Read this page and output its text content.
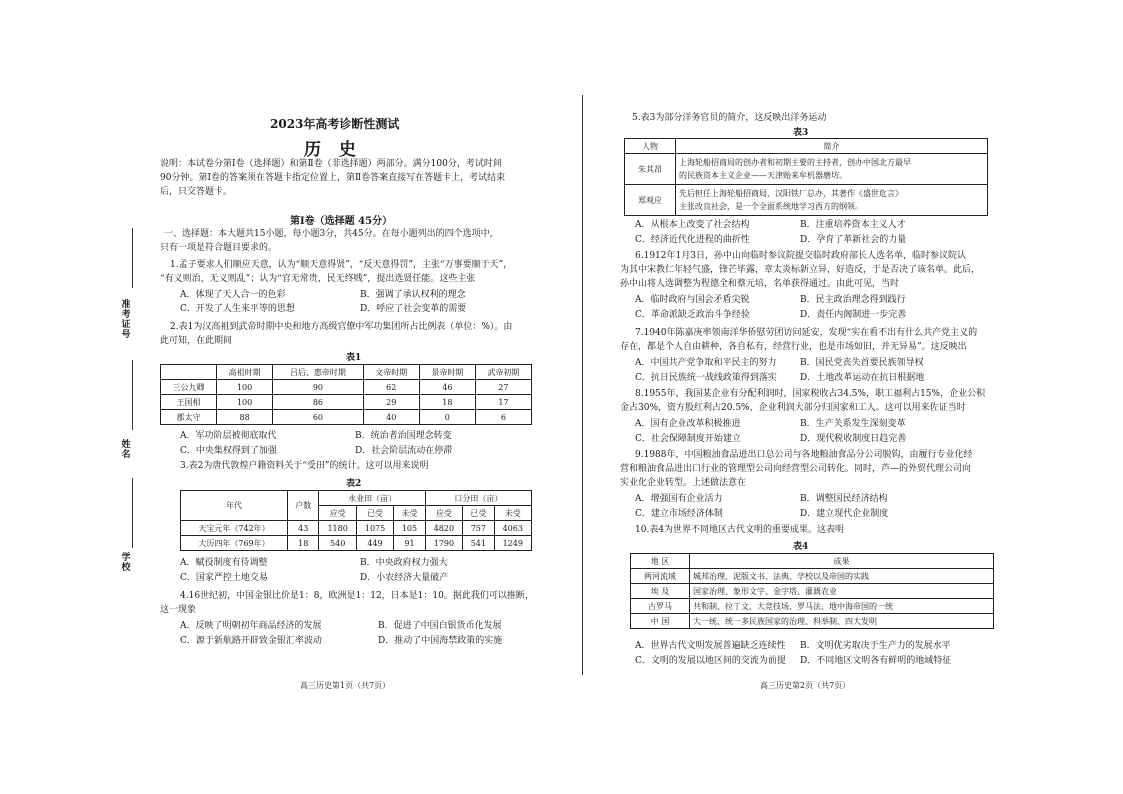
准考证号
姓名
学校
2023年高考诊断性测试
历 史
说明：本试卷分第Ⅰ卷（选择题）和第Ⅱ卷（非选择题）两部分。满分100分，考试时间
90分钟。第Ⅰ卷的答案须在答题卡指定位置上，第Ⅱ卷答案直接写在答题卡上，考试结束
后，只交答题卡。
第Ⅰ卷（选择题 45分）
一、选择题：本大题共15小题，每小题3分，共45分。在每小题列出的四个选项中，
只有一项是符合题目要求的。
1.孟子要求人们顺应天意，认为“顺天意得贤”，“反天意得罚”，主张“万事要顺于天”，
“有义则治，无义则乱”；认为“官无常贵，民无终贱”，提出选贤任能。这些主张
A．体现了天人合一的色彩	B．强调了承认权利的理念
C．开发了人生来平等的思想	D．呼应了社会变革的需要
2.表1为汉高祖到武帝时期中央和地方高级官僚中军功集团所占比例表（单位：%）。由
此可知，在此期间
表1
	高祖时期	吕后、惠帝时期	文帝时期	景帝时期	武帝初期
三公九卿	100	90	62	46	27
王国相	100	86	29	18	17
郡太守	88	60	40	0	6
A．军功阶层被彻底取代	B．统治者治国理念转变
C．中央集权得到了加强	D．社会阶层流动在停滞
3.表2为唐代敦煌户籍资料关于“受田”的统计。这可以用来说明
表2
年代	户数	永业田（亩）			口分田（亩）		
		应受	已受	未受	应受	已受	未受
天宝元年（742年）	43	1180	1075	105	4820	757	4063
大历四年（769年）	18	540	449	91	1790	541	1249
A．赋役制度有待调整	B．中央政府权力强大
C．国家严控土地交易	D．小农经济大量破产
4.16世纪初，中国金银比价是1：8，欧洲是1：12，日本是1：10。据此我们可以推断，
这一现象
A．反映了明朝初年商品经济的发展	B．促进了中国白银货币化发展
C．源于新航路开辟致金银汇率波动	D．推动了中国海禁政策的实施
高三历史第1页（共7页）
5.表3为部分洋务官员的简介，这反映出洋务运动
表3
人物	简介
朱其昂	上海轮船招商局的创办者和初期主要的主持者，创办中国北方最早
的民族资本主义企业——天津贻来牟机器磨坊。
郑观应	先后担任上海轮船招商局、汉阳铁厂总办，其著作《盛世危言》
主张改良社会，是一个全面系统地学习西方的纲领。
A．从根本上改变了社会结构	B．注重培养资本主义人才
C．经济近代化进程的曲折性	D．孕育了革新社会的力量
6.1912年1月3日，孙中山向临时参议院提交临时政府部长人选名单，临时参议院认
为其中宋教仁年轻气盛，锋芒毕露，章太炎标新立异，好造反，于是否决了该名单。此后，
孙中山将人选调整为程德全和蔡元培，名单获得通过。由此可见，当时
A．临时政府与国会矛盾尖锐	B．民主政治理念得到践行
C．革命派缺乏政治斗争经验	D．责任内阁制进一步完善
7.1940年陈嘉庚率领南洋华侨慰劳团访问延安，发现“实在看不出有什么共产党主义的
存在，都是个人自由耕种，各自私有，经营行业，也是市场如旧，并无异易”。这反映出
A．中国共产党争取和平民主的努力	B．国民党丧失首要民族领导权
C．抗日民族统一战线政策得到落实	D．土地改革运动在抗日根据地
8.1955年，我国某企业有分配利润时，国家税收占34.5%，职工福利占15%，企业公积
金占30%，资方股红利占20.5%，企业利润大部分归国家和工人。这可以用来佐证当时
A．国有企业改革积极推进	B．生产关系发生深刻变革
C．社会保障制度开始建立	D．现代税收制度日趋完善
9.1988年，中国粮油食品进出口总公司与各地粮油食品分公司脱钩，由履行专业化经
营和粮油食品进出口行业的管理型公司向经营型公司转化。同时，芦—的外贸代理公司向
实业化企业转型。上述做法意在
A．增强国有企业活力	B．调整国民经济结构
C．建立市场经济体制	D．建立现代企业制度
10.表4为世界不同地区古代文明的重要成果。这表明
表4
地 区	成果
两河流域	城邦治理、泥版文书、法典、学校以及帝国的实践
埃 及	国家治理、象形文字、金字塔、灌溉农业
古罗马	共和制、拉丁文、大竞技场、罗马法、地中海帝国的一统
中 国	大一统、统一多民族国家的治理、科举制、四大发明
A．世界古代文明发展普遍缺乏连续性 B．文明优劣取决于生产力的发展水平
C．文明的发展以地区间的交流为前提 D．不同地区文明各有鲜明的地域特征
高三历史第2页（共7页）
